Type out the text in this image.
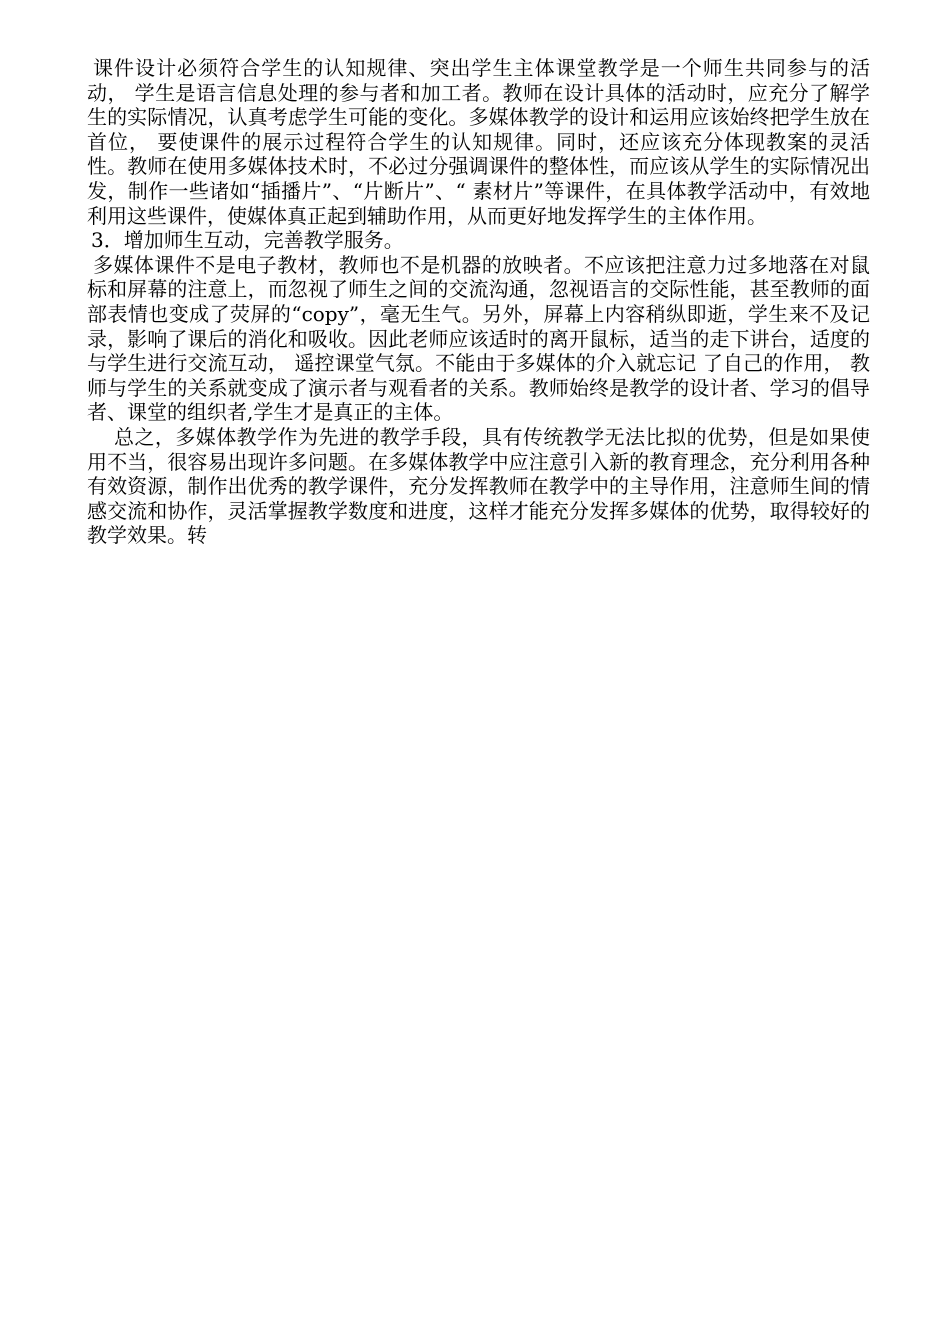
课件设计必须符合学生的认知规律、突出学生主体课堂教学是一个师生共同参与的活动， 学生是语言信息处理的参与者和加工者。教师在设计具体的活动时，应充分了解学生的实际情况，认真考虑学生可能的变化。多媒体教学的设计和运用应该始终把学生放在首位， 要使课件的展示过程符合学生的认知规律。同时，还应该充分体现教案的灵活性。教师在使用多媒体技术时，不必过分强调课件的整体性，而应该从学生的实际情况出发，制作一些诸如“插播片”、“片断片”、“ 素材片”等课件，在具体教学活动中，有效地利用这些课件，使媒体真正起到辅助作用，从而更好地发挥学生的主体作用。

3．增加师生互动，完善教学服务。

多媒体课件不是电子教材，教师也不是机器的放映者。不应该把注意力过多地落在对鼠标和屏幕的注意上，而忽视了师生之间的交流沟通，忽视语言的交际性能，甚至教师的面部表情也变成了荧屏的“copy”，毫无生气。另外，屏幕上内容稍纵即逝，学生来不及记录，影响了课后的消化和吸收。因此老师应该适时的离开鼠标，适当的走下讲台，适度的与学生进行交流互动， 遥控课堂气氛。不能由于多媒体的介入就忘记 了自己的作用， 教师与学生的关系就变成了演示者与观看者的关系。教师始终是教学的设计者、学习的倡导者、课堂的组织者,学生才是真正的主体。

总之，多媒体教学作为先进的教学手段，具有传统教学无法比拟的优势，但是如果使用不当，很容易出现许多问题。在多媒体教学中应注意引入新的教育理念，充分利用各种有效资源，制作出优秀的教学课件，充分发挥教师在教学中的主导作用，注意师生间的情感交流和协作，灵活掌握教学数度和进度，这样才能充分发挥多媒体的优势，取得较好的教学效果。转
